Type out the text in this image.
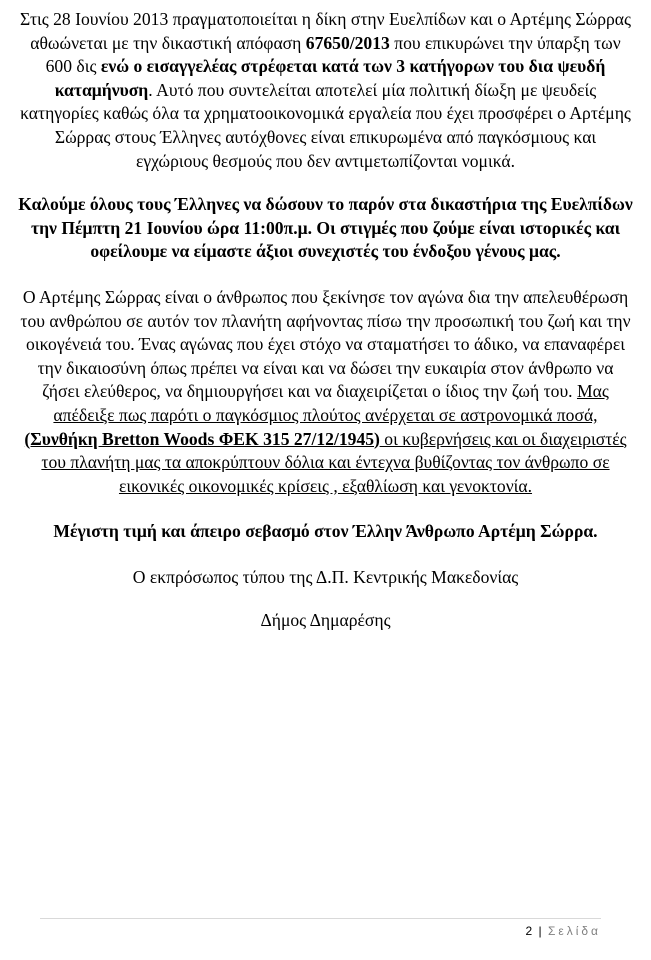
Στις 28 Ιουνίου 2013 πραγματοποιείται η δίκη στην Ευελπίδων και ο Αρτέμης Σώρρας αθωώνεται με την δικαστική απόφαση 67650/2013 που επικυρώνει την ύπαρξη των 600 δις ενώ ο εισαγγελέας στρέφεται κατά των 3 κατήγορων του δια ψευδή καταμήνυση. Αυτό που συντελείται αποτελεί μία πολιτική δίωξη με ψευδείς κατηγορίες καθώς όλα τα χρηματοοικονομικά εργαλεία που έχει προσφέρει ο Αρτέμης Σώρρας στους Έλληνες αυτόχθονες είναι επικυρωμένα από παγκόσμιους και εγχώριους θεσμούς που δεν αντιμετωπίζονται νομικά.

Καλούμε όλους τους Έλληνες να δώσουν το παρόν στα δικαστήρια της Ευελπίδων την Πέμπτη 21 Ιουνίου ώρα 11:00π.μ. Οι στιγμές που ζούμε είναι ιστορικές και οφείλουμε να είμαστε άξιοι συνεχιστές του ένδοξου γένους μας.

Ο Αρτέμης Σώρρας είναι ο άνθρωπος που ξεκίνησε τον αγώνα δια την απελευθέρωση του ανθρώπου σε αυτόν τον πλανήτη αφήνοντας πίσω την προσωπική του ζωή και την οικογένειά του. Ένας αγώνας που έχει στόχο να σταματήσει το άδικο, να επαναφέρει την δικαιοσύνη όπως πρέπει να είναι και να δώσει την ευκαιρία στον άνθρωπο να ζήσει ελεύθερος, να δημιουργήσει και να διαχειρίζεται ο ίδιος την ζωή του. Μας απέδειξε πως παρότι ο παγκόσμιος πλούτος ανέρχεται σε αστρονομικά ποσά, (Συνθήκη Bretton Woods ΦΕΚ 315 27/12/1945) οι κυβερνήσεις και οι διαχειριστές του πλανήτη μας τα αποκρύπτουν δόλια και έντεχνα βυθίζοντας τον άνθρωπο σε εικονικές οικονομικές κρίσεις , εξαθλίωση και γενοκτονία.

Μέγιστη τιμή και άπειρο σεβασμό στον Έλλην Άνθρωπο Αρτέμη Σώρρα.

Ο εκπρόσωπος τύπου της Δ.Π. Κεντρικής Μακεδονίας

Δήμος Δημαρέσης

2 | Σελίδα
